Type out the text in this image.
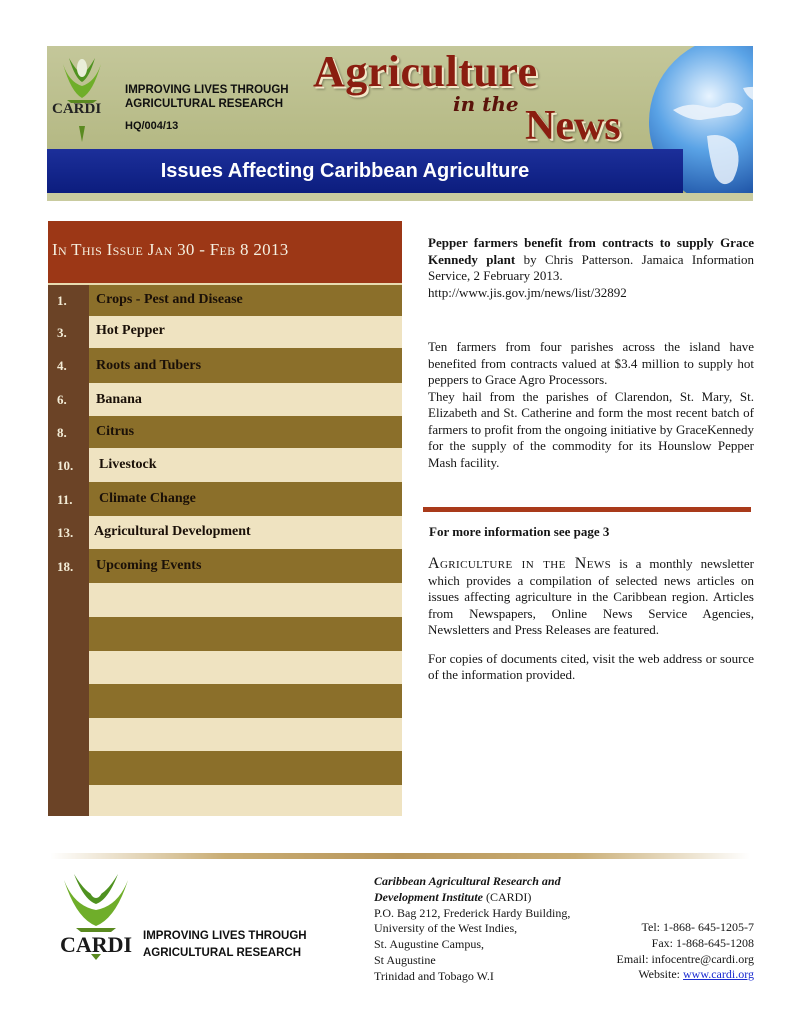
CARDI
IMPROVING LIVES THROUGH
AGRICULTURAL RESEARCH
HQ/004/13
Agriculture
in the News
Issues Affecting Caribbean Agriculture
In This Issue Jan 30 - Feb 8 2013
1. Crops - Pest and Disease
3. Hot Pepper
4. Roots and Tubers
6. Banana
8. Citrus
10. Livestock
11. Climate Change
13. Agricultural Development
18. Upcoming Events

Pepper farmers benefit from contracts to supply Grace Kennedy plant by Chris Patterson. Jamaica Information Service, 2 February 2013.

http://www.jis.gov.jm/news/list/32892

Ten farmers from four parishes across the island have benefited from contracts valued at $3.4 million to supply hot peppers to Grace Agro Processors.

They hail from the parishes of Clarendon, St. Mary, St. Elizabeth and St. Catherine and form the most recent batch of farmers to profit from the ongoing initiative by GraceKennedy for the supply of the commodity for its Hounslow Pepper Mash facility.

For more information see page 3

Agriculture in the News is a monthly newsletter which provides a compilation of selected news articles on issues affecting agriculture in the Caribbean region. Articles from Newspapers, Online News Service Agencies, Newsletters and Press Releases are featured.

For copies of documents cited, visit the web address or source of the information provided.

CARDI IMPROVING LIVES THROUGH
AGRICULTURAL RESEARCH
Caribbean Agricultural Research and Development Institute (CARDI)
P.O. Bag 212, Frederick Hardy Building,
University of the West Indies,
St. Augustine Campus,
St Augustine
Trinidad and Tobago W.I
Tel: 1-868- 645-1205-7
Fax: 1-868-645-1208
Email: infocentre@cardi.org
Website: www.cardi.org
